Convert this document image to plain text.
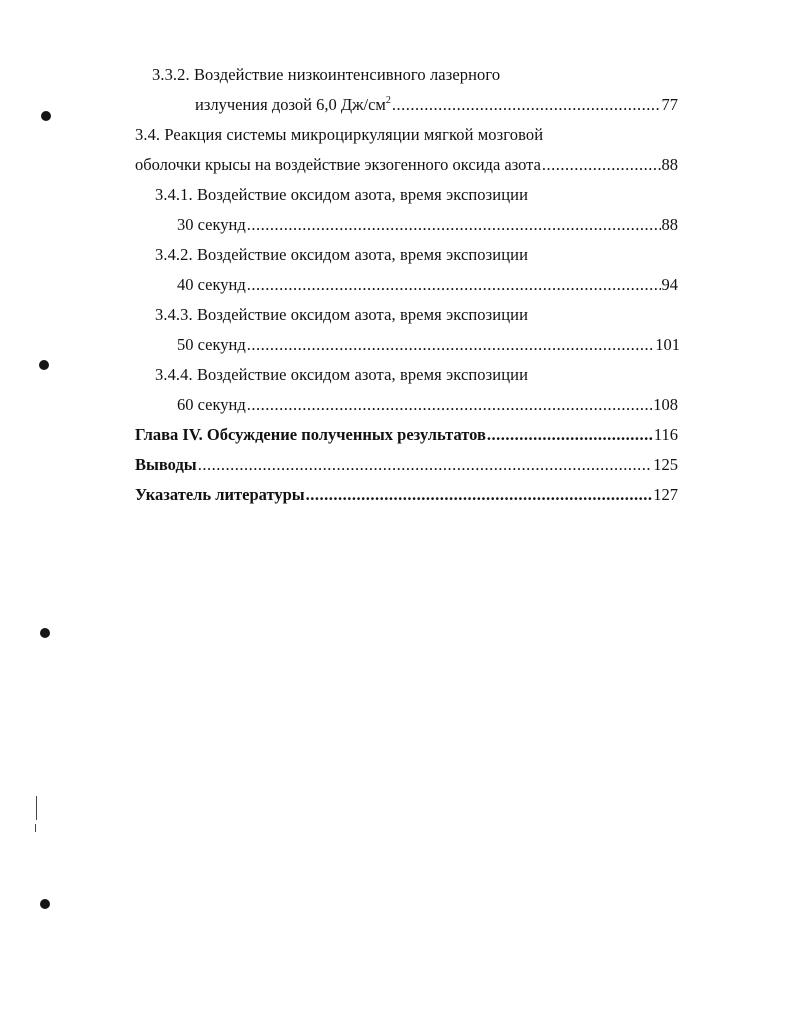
3.3.2. Воздействие низкоинтенсивного лазерного
излучения дозой 6,0 $Дж/см^2$ .....	77
3.4. Реакция системы микроциркуляции мягкой мозговой
оболочки крысы на воздействие экзогенного оксида азота .....	88
3.4.1. Воздействие оксидом азота, время экспозиции
30 секунд .....	88
3.4.2. Воздействие оксидом азота, время экспозиции
40 секунд .....	94
3.4.3. Воздействие оксидом азота, время экспозиции
50 секунд .....	101
3.4.4. Воздействие оксидом азота, время экспозиции
60 секунд .....	108
Глава IV. Обсуждение полученных результатов .....	116
Выводы .....	125
Указатель литературы .....	127
